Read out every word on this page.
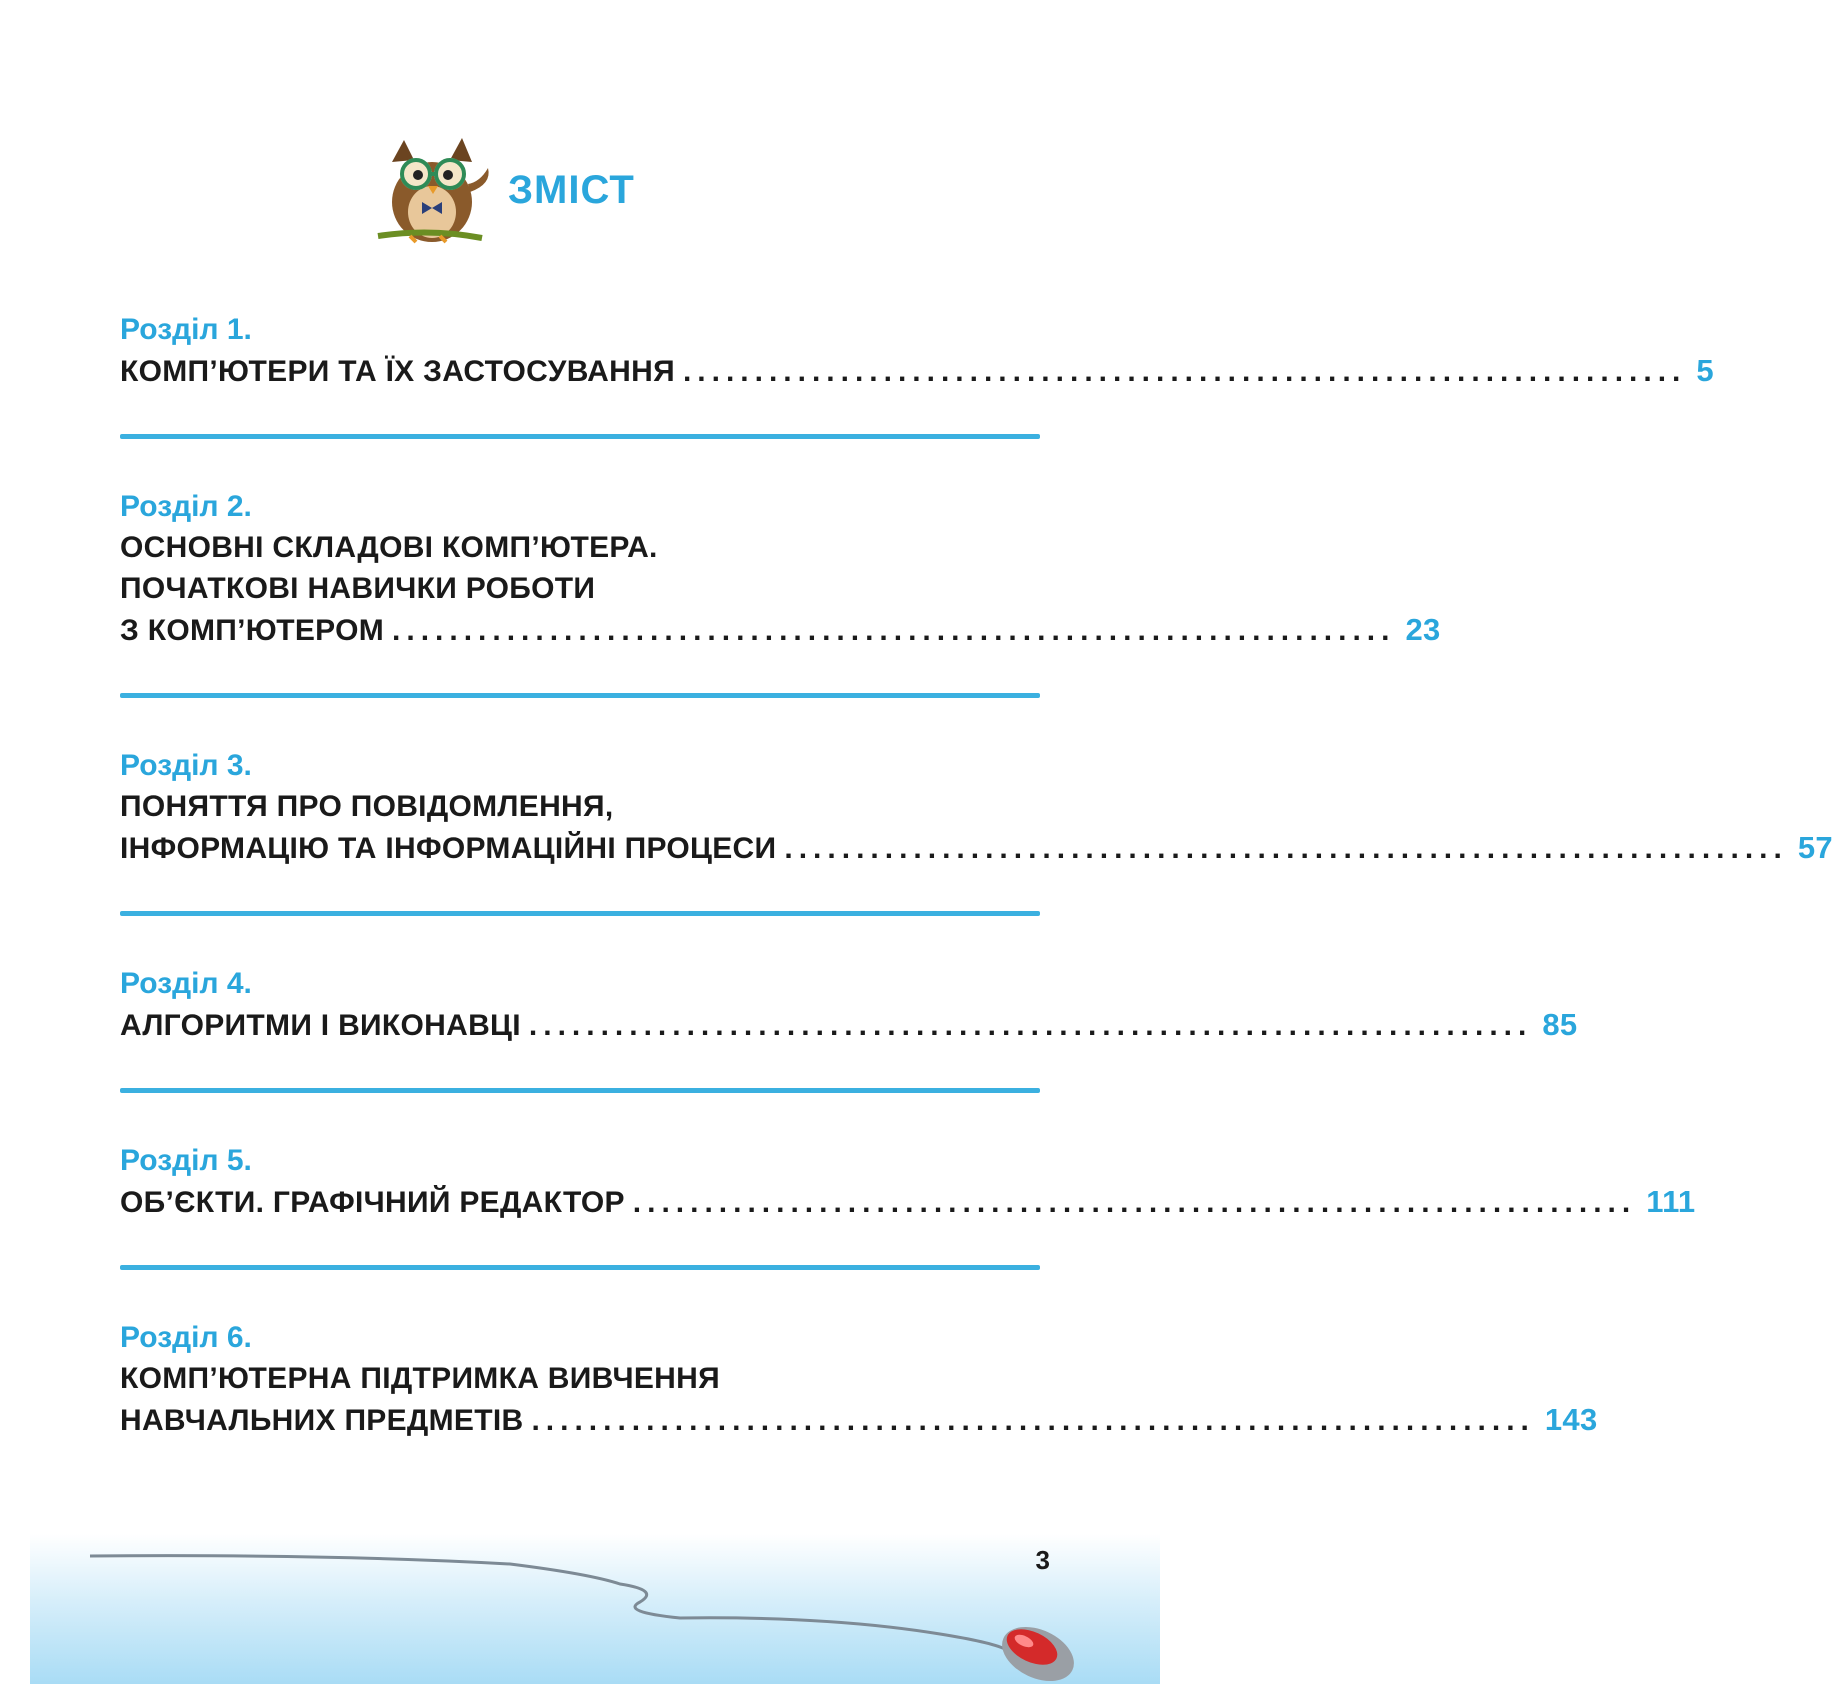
ЗМІСТ
Розділ 1.
КОМП’ЮТЕРИ ТА ЇХ ЗАСТОСУВАННЯ ...................................................................... 5
Розділ 2.
ОСНОВНІ СКЛАДОВІ КОМП’ЮТЕРА.
ПОЧАТКОВІ НАВИЧКИ РОБОТИ
З КОМП’ЮТЕРОМ ...................................................................... 23
Розділ 3.
ПОНЯТТЯ ПРО ПОВІДОМЛЕННЯ,
ІНФОРМАЦІЮ ТА ІНФОРМАЦІЙНІ ПРОЦЕСИ ...................................................................... 57
Розділ 4.
АЛГОРИТМИ І ВИКОНАВЦІ ...................................................................... 85
Розділ 5.
ОБ’ЄКТИ. ГРАФІЧНИЙ РЕДАКТОР ...................................................................... 111
Розділ 6.
КОМП’ЮТЕРНА ПІДТРИМКА ВИВЧЕННЯ
НАВЧАЛЬНИХ ПРЕДМЕТІВ ...................................................................... 143
3
